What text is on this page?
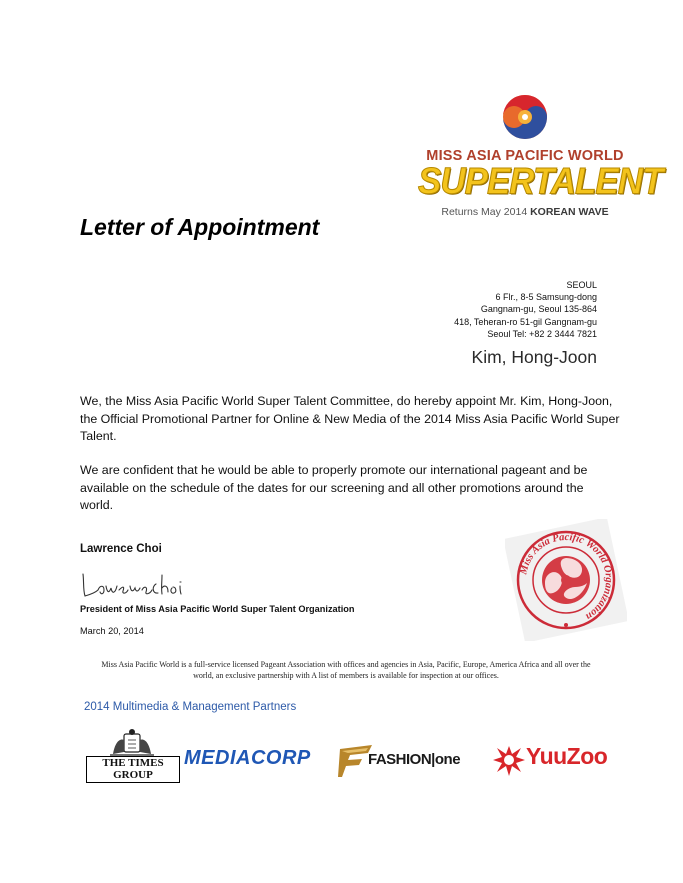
MISS ASIA PACIFIC WORLD
SUPERTALENT
Returns May 2014 KOREAN WAVE
Letter of Appointment
SEOUL
6 Flr., 8-5 Samsung-dong
Gangnam-gu, Seoul 135-864
418, Teheran-ro 51-gil Gangnam-gu
Seoul Tel: +82 2 3444 7821
Kim, Hong-Joon
We, the Miss Asia Pacific World Super Talent Committee, do hereby appoint Mr. Kim, Hong-Joon, the Official Promotional Partner for Online & New Media of the 2014 Miss Asia Pacific World Super Talent.
We are confident that he would be able to properly promote our international pageant and be available on the schedule of the dates for our screening and all other promotions around the world.
Lawrence Choi
President of Miss Asia Pacific World Super Talent Organization
March 20, 2014
Miss Asia Pacific World Organization
Miss Asia Pacific World is a full-service licensed Pageant Association with offices and agencies in Asia, Pacific, Europe, America Africa and all over the world, an exclusive partnership with A list of members is available for inspection at our offices.
2014 Multimedia & Management Partners
THE TIMES
GROUP
MEDIACORP	FASHION|one	YuuZoo
